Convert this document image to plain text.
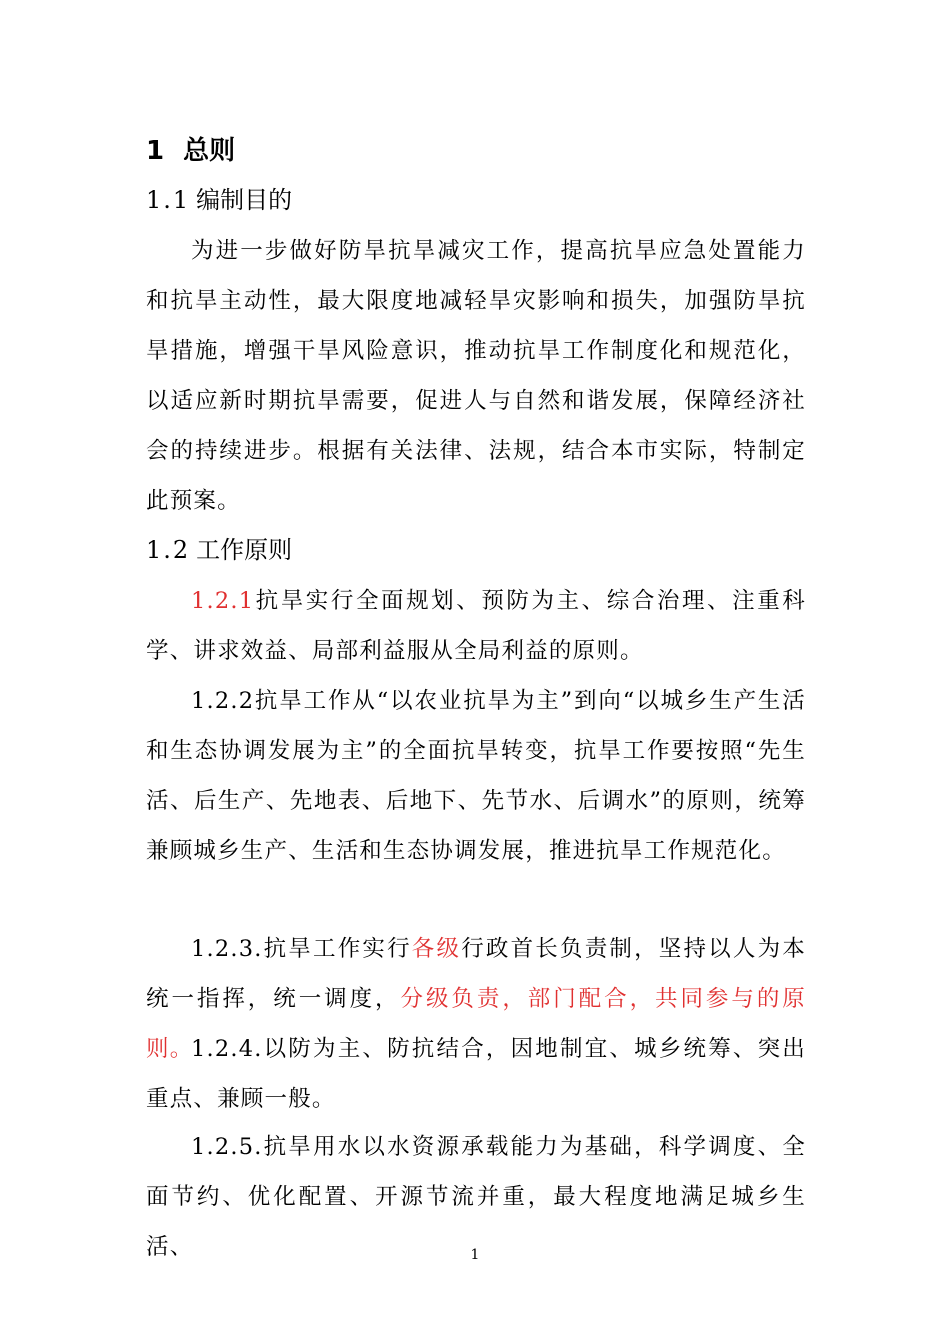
1 总则
1.1 编制目的

为进一步做好防旱抗旱减灾工作，提高抗旱应急处置能力和抗旱主动性，最大限度地减轻旱灾影响和损失，加强防旱抗旱措施，增强干旱风险意识，推动抗旱工作制度化和规范化，以适应新时期抗旱需要，促进人与自然和谐发展，保障经济社会的持续进步。根据有关法律、法规，结合本市实际，特制定此预案。

1.2 工作原则

1.2.1抗旱实行全面规划、预防为主、综合治理、注重科学、讲求效益、局部利益服从全局利益的原则。

1.2.2抗旱工作从“以农业抗旱为主”到向“以城乡生产生活和生态协调发展为主”的全面抗旱转变，抗旱工作要按照“先生活、后生产、先地表、后地下、先节水、后调水”的原则，统筹兼顾城乡生产、生活和生态协调发展，推进抗旱工作规范化。

1.2.3.抗旱工作实行各级行政首长负责制，坚持以人为本统一指挥，统一调度，分级负责，部门配合，共同参与的原则。

1.2.4.以防为主、防抗结合，因地制宜、城乡统筹、突出重点、兼顾一般。

1.2.5.抗旱用水以水资源承载能力为基础，科学调度、全面节约、优化配置、开源节流并重，最大程度地满足城乡生活、	1
